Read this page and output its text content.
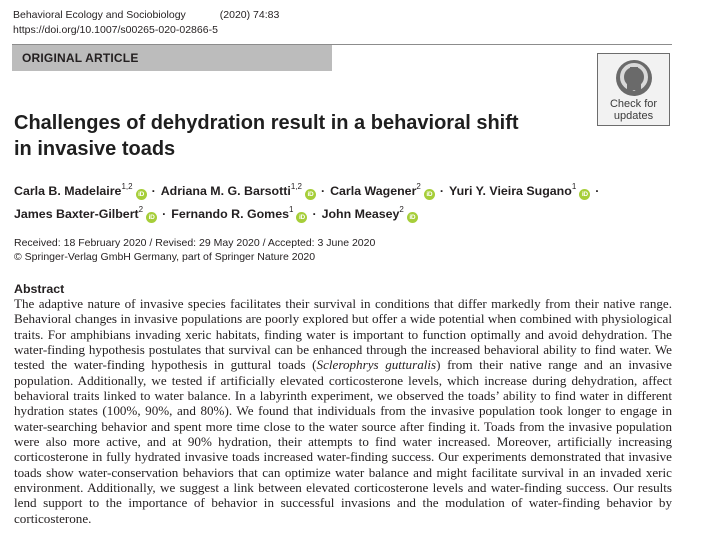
Behavioral Ecology and Sociobiology	(2020) 74:83
https://doi.org/10.1007/s00265-020-02866-5
ORIGINAL ARTICLE
Check for
updates
Challenges of dehydration result in a behavioral shift
in invasive toads
Carla B. Madelaire$^{1,2}$iD · Adriana M. G. Barsotti$^{1,2}$iD · Carla Wagener$^2$iD · Yuri Y. Vieira Sugano$^1$iD ·
James Baxter-Gilbert$^2$iD · Fernando R. Gomes$^1$iD · John Measey$^2$iD
Received: 18 February 2020 / Revised: 29 May 2020 / Accepted: 3 June 2020
© Springer-Verlag GmbH Germany, part of Springer Nature 2020
Abstract

The adaptive nature of invasive species facilitates their survival in conditions that differ markedly from their native range. Behavioral changes in invasive populations are poorly explored but offer a wide potential when combined with physiological traits. For amphibians invading xeric habitats, finding water is important to function optimally and avoid dehydration. The water-finding hypothesis postulates that survival can be enhanced through the increased behavioral ability to find water. We tested the water-finding hypothesis in guttural toads (Sclerophrys gutturalis) from their native range and an invasive population. Additionally, we tested if artificially elevated corticosterone levels, which increase during dehydration, affect behavioral traits linked to water balance. In a labyrinth experiment, we observed the toads’ ability to find water in different hydration states (100%, 90%, and 80%). We found that individuals from the invasive population took longer to engage in water-searching behavior and spent more time close to the water source after finding it. Toads from the invasive population were also more active, and at 90% hydration, their attempts to find water increased. Moreover, artificially increasing corticosterone in fully hydrated invasive toads increased water-finding success. Our experiments demonstrated that invasive toads show water-conservation behaviors that can optimize water balance and might facilitate survival in an invaded xeric environment. Additionally, we suggest a link between elevated corticosterone levels and water-finding success. Our results lend support to the importance of behavior in successful invasions and the modulation of water-finding behavior by corticosterone.
